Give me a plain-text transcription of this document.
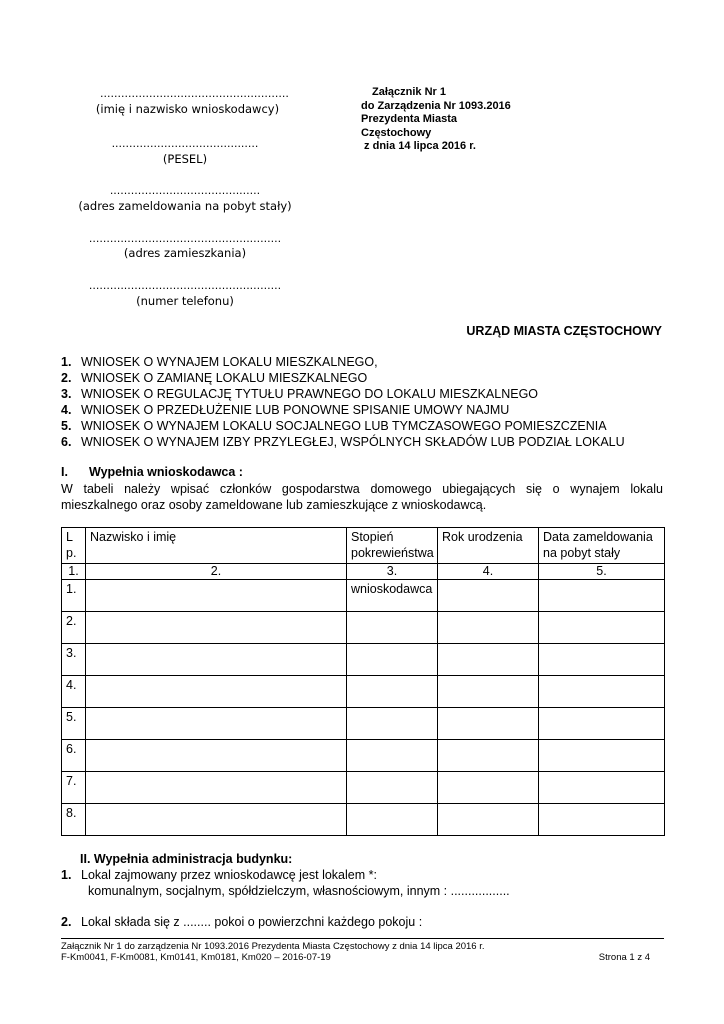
......................................................
(imię i nazwisko wnioskodawcy)
..........................................
(PESEL)
...........................................
(adres zameldowania na pobyt stały)
.......................................................
(adres zamieszkania)
.......................................................
(numer telefonu)
Załącznik Nr 1
do Zarządzenia Nr 1093.2016
Prezydenta Miasta
Częstochowy
z dnia 14 lipca 2016 r.
URZĄD MIASTA CZĘSTOCHOWY
1. WNIOSEK O WYNAJEM LOKALU MIESZKALNEGO,
2. WNIOSEK O ZAMIANĘ LOKALU MIESZKALNEGO
3. WNIOSEK O REGULACJĘ TYTUŁU PRAWNEGO DO LOKALU MIESZKALNEGO
4. WNIOSEK O PRZEDŁUŻENIE LUB PONOWNE SPISANIE UMOWY NAJMU
5. WNIOSEK O WYNAJEM LOKALU SOCJALNEGO LUB TYMCZASOWEGO POMIESZCZENIA
6. WNIOSEK O WYNAJEM IZBY PRZYLEGŁEJ, WSPÓLNYCH SKŁADÓW LUB PODZIAŁ LOKALU
I. Wypełnia wnioskodawca :
W tabeli należy wpisać członków gospodarstwa domowego ubiegających się o wynajem lokalu mieszkalnego oraz osoby zameldowane lub zamieszkujące z wnioskodawcą.
Lp.	Nazwisko i imię	Stopień pokrewieństwa	Rok urodzenia	Data zameldowania na pobyt stały
1.	2.	3.	4.	5.
1.		wnioskodawca		
2.				
3.				
4.				
5.				
6.				
7.				
8.				
II. Wypełnia administracja budynku:
1. Lokal zajmowany przez wnioskodawcę jest lokalem *:
komunalnym, socjalnym, spółdzielczym, własnościowym, innym : .................
2. Lokal składa się z ........ pokoi o powierzchni każdego pokoju :
Załącznik Nr 1 do zarządzenia Nr 1093.2016 Prezydenta Miasta Częstochowy z dnia 14 lipca 2016 r.
F-Km0041, F-Km0081, Km0141, Km0181, Km020 – 2016-07-19	Strona 1 z 4
